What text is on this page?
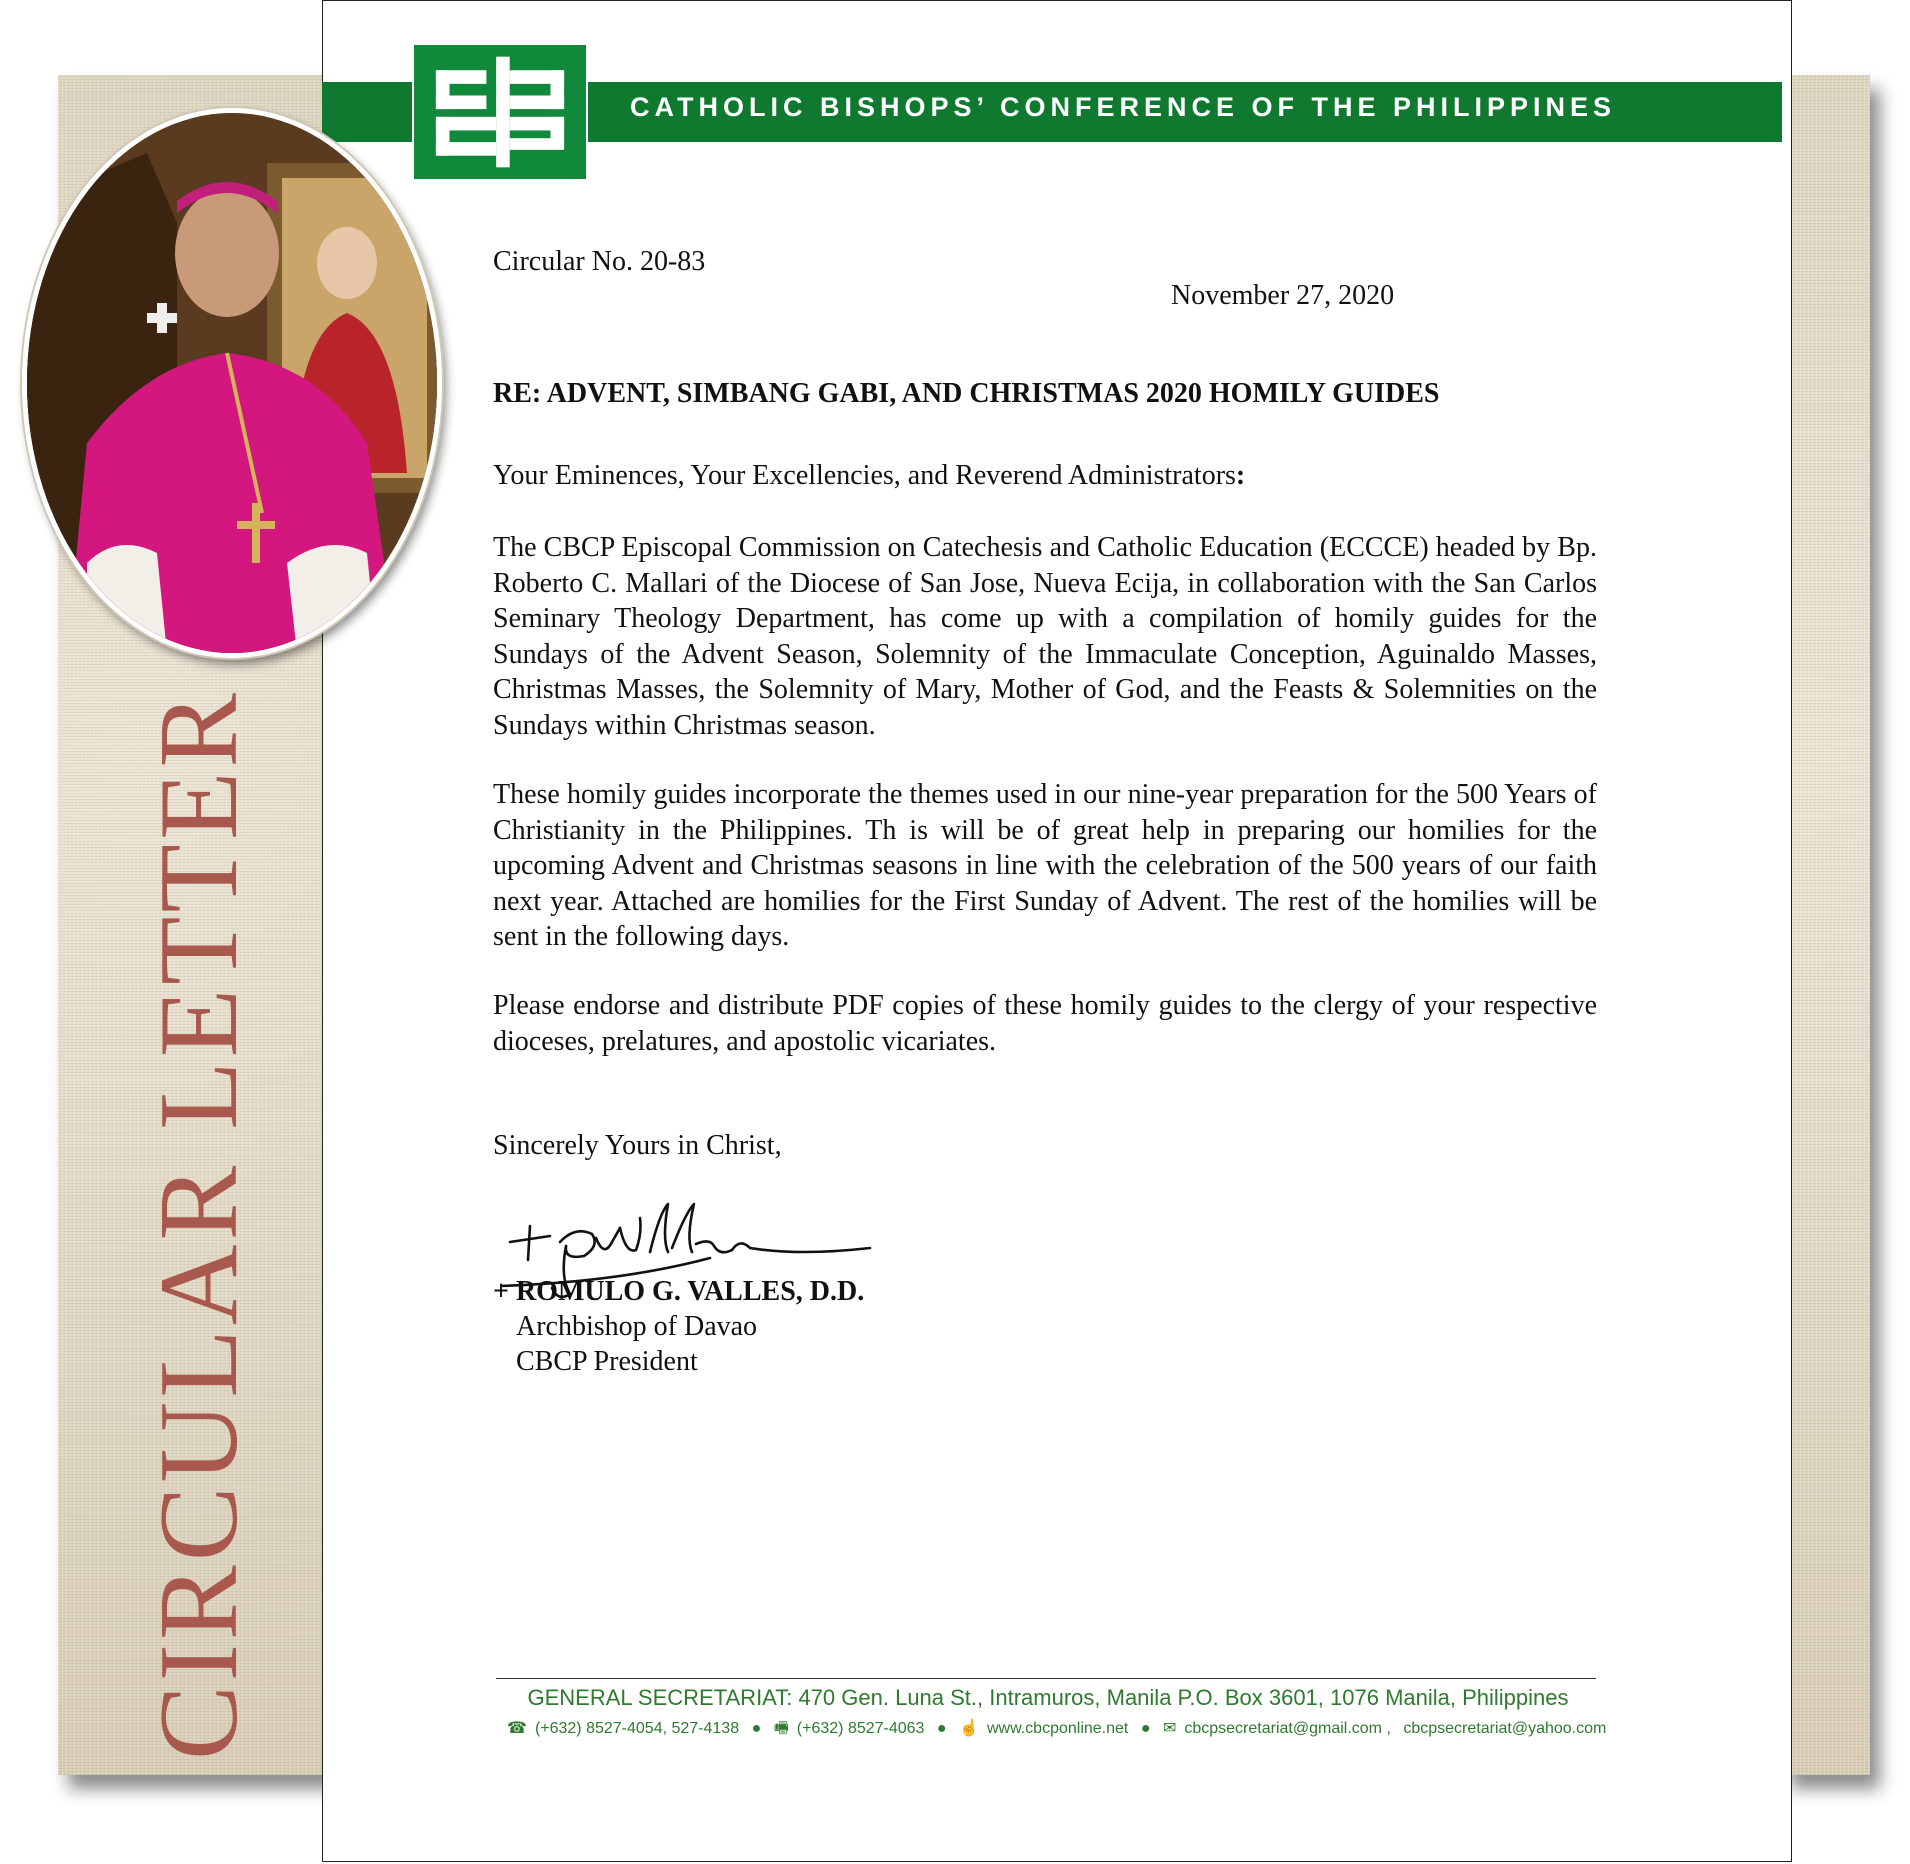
CIRCULAR LETTER
CATHOLIC BISHOPS’ CONFERENCE OF THE PHILIPPINES
Circular No. 20-83
November 27, 2020
RE: ADVENT, SIMBANG GABI, AND CHRISTMAS 2020 HOMILY GUIDES
Your Eminences, Your Excellencies, and Reverend Administrators:

The CBCP Episcopal Commission on Catechesis and Catholic Education (ECCCE) headed by Bp. Roberto C. Mallari of the Diocese of San Jose, Nueva Ecija, in collaboration with the San Carlos Seminary Theology Department, has come up with a compilation of homily guides for the Sundays of the Advent Season, Solemnity of the Immaculate Conception, Aguinaldo Masses, Christmas Masses, the Solemnity of Mary, Mother of God, and the Feasts & Solemnities on the Sundays within Christmas season.

These homily guides incorporate the themes used in our nine-year preparation for the 500 Years of Christianity in the Philippines. Th is will be of great help in preparing our homilies for the upcoming Advent and Christmas seasons in line with the celebration of the 500 years of our faith next year. Attached are homilies for the First Sunday of Advent. The rest of the homilies will be sent in the following days.

Please endorse and distribute PDF copies of these homily guides to the clergy of your respective dioceses, prelatures, and apostolic vicariates.

Sincerely Yours in Christ,
+ ROMULO G. VALLES, D.D.
Archbishop of Davao
CBCP President
GENERAL SECRETARIAT: 470 Gen. Luna St., Intramuros, Manila P.O. Box 3601, 1076 Manila, Philippines
☎ (+632) 8527-4054, 527-4138 ● 🖷 (+632) 8527-4063 ● ☝ www.cbcponline.net ● ✉ cbcpsecretariat@gmail.com , cbcpsecretariat@yahoo.com
